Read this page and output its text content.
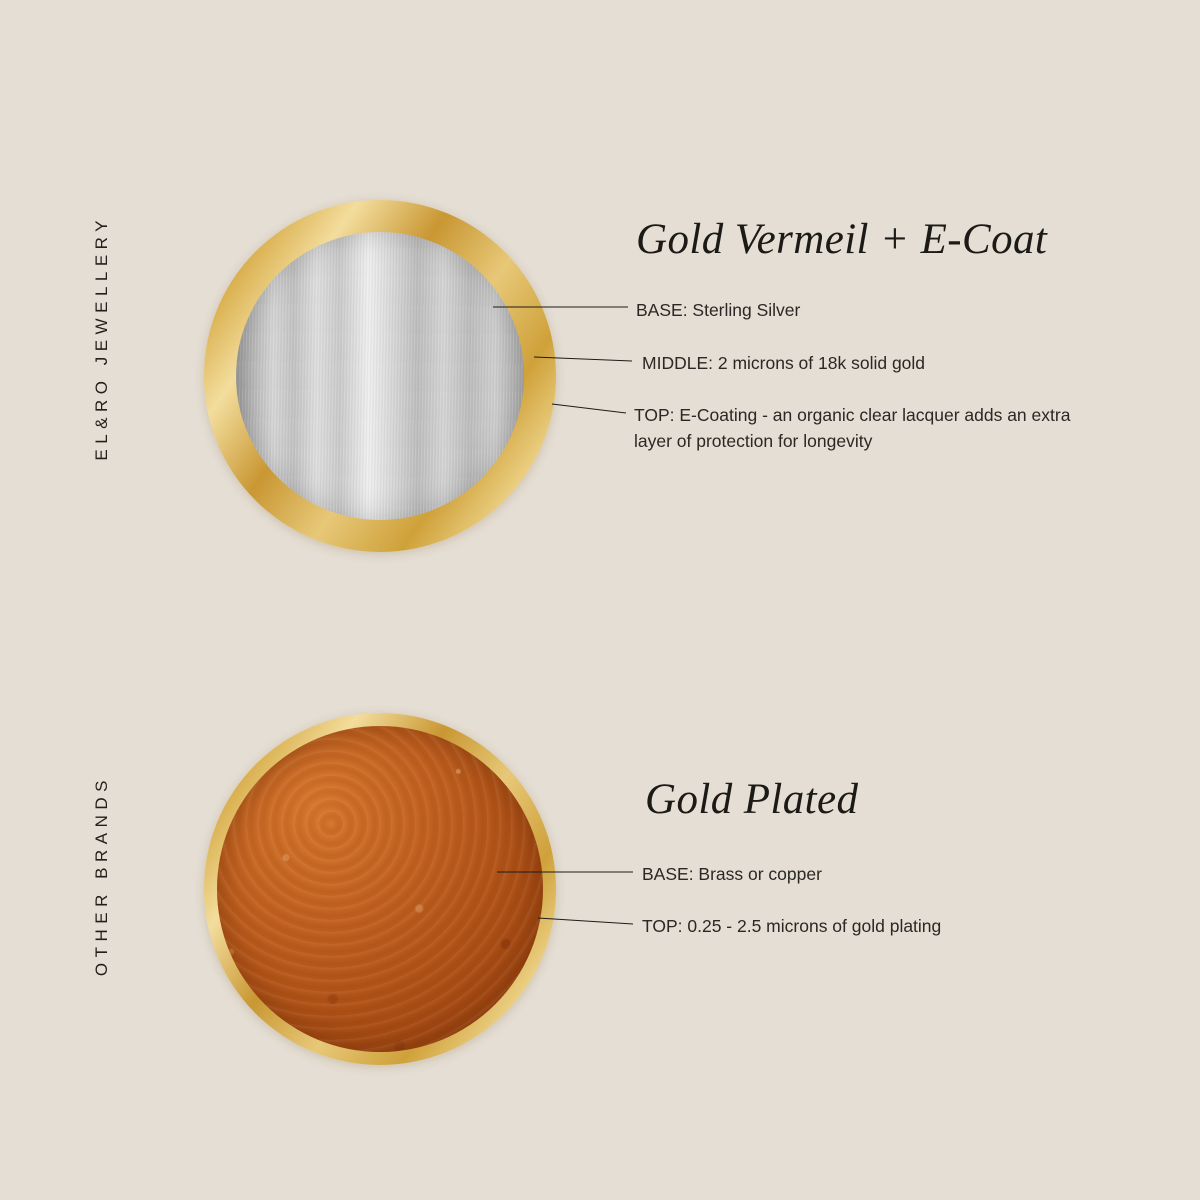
EL&RO JEWELLERY
OTHER BRANDS
Gold Vermeil + E-Coat
Gold Plated
BASE: Sterling Silver
MIDDLE: 2 microns of 18k solid gold
TOP: E-Coating - an organic clear lacquer adds an extra layer of protection for longevity
BASE: Brass or copper
TOP: 0.25 - 2.5 microns of gold plating
